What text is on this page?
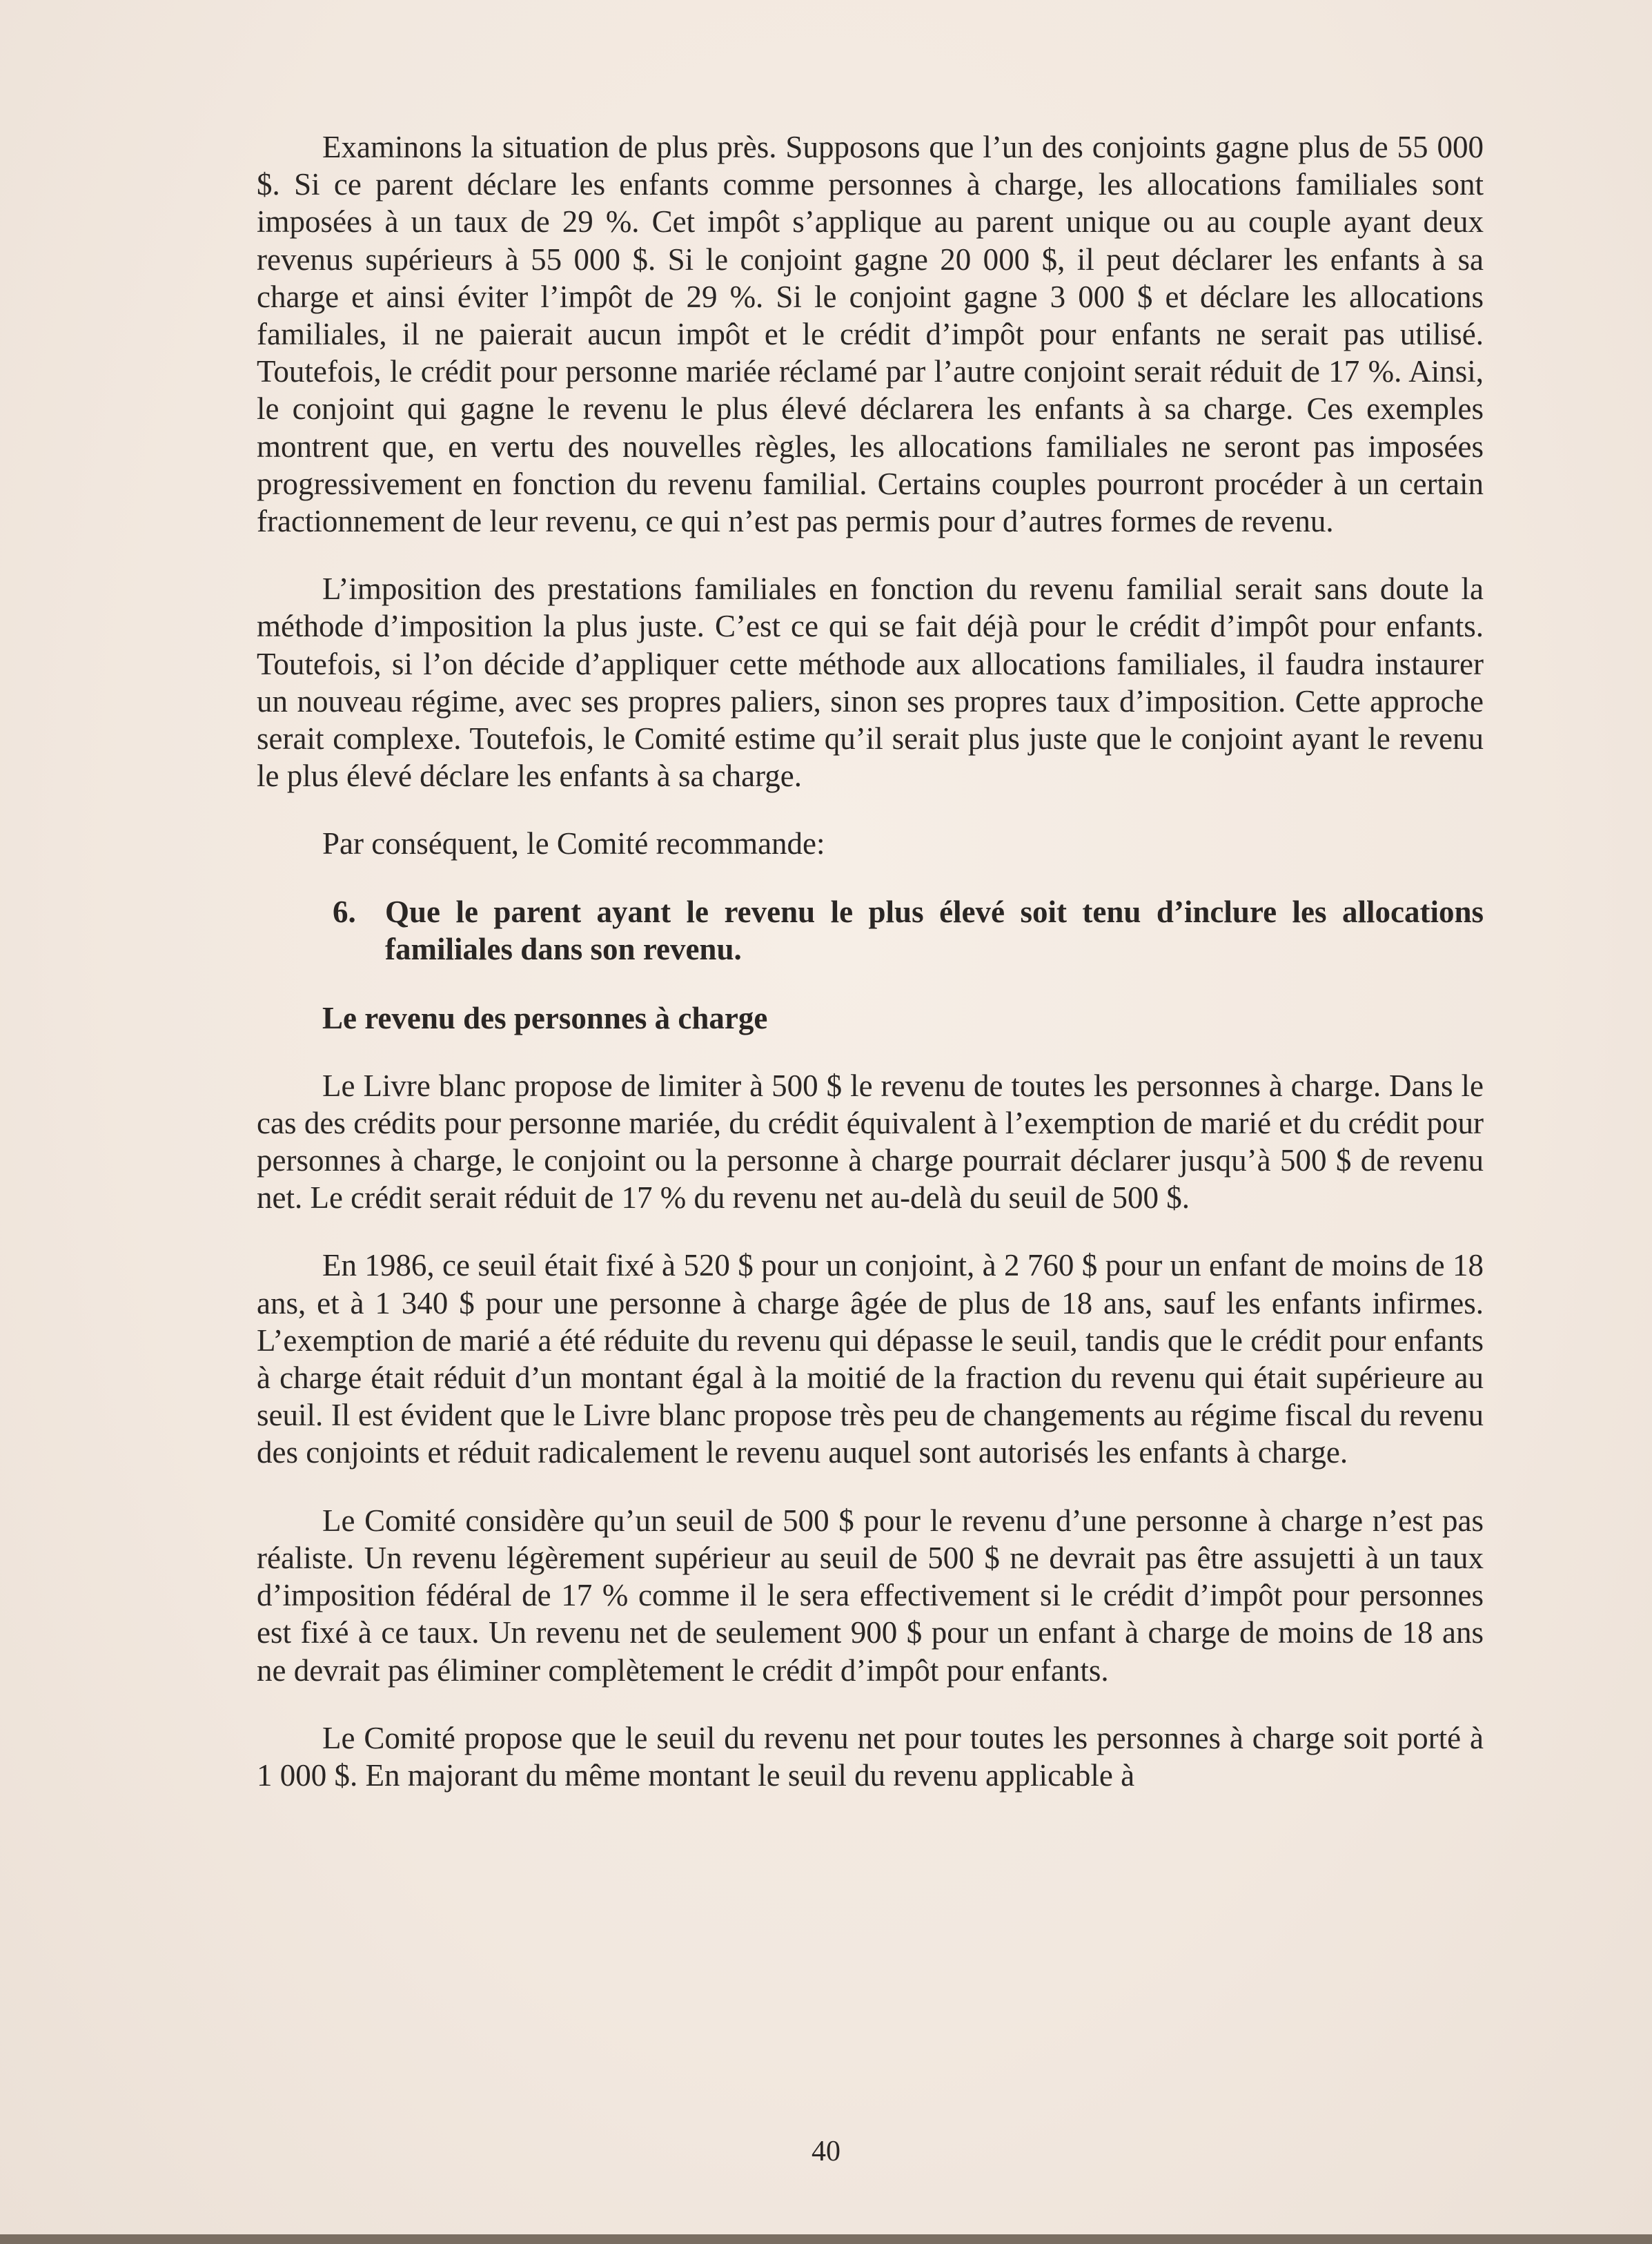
Examinons la situation de plus près. Supposons que l’un des conjoints gagne plus de 55 000 $. Si ce parent déclare les enfants comme personnes à charge, les allocations familiales sont imposées à un taux de 29 %. Cet impôt s’applique au parent unique ou au couple ayant deux revenus supérieurs à 55 000 $. Si le conjoint gagne 20 000 $, il peut déclarer les enfants à sa charge et ainsi éviter l’impôt de 29 %. Si le conjoint gagne 3 000 $ et déclare les allocations familiales, il ne paierait aucun impôt et le crédit d’impôt pour enfants ne serait pas utilisé. Toutefois, le crédit pour personne mariée réclamé par l’autre conjoint serait réduit de 17 %. Ainsi, le conjoint qui gagne le revenu le plus élevé déclarera les enfants à sa charge. Ces exemples montrent que, en vertu des nouvelles règles, les allocations familiales ne seront pas imposées progressivement en fonction du revenu familial. Certains couples pourront procéder à un certain fractionnement de leur revenu, ce qui n’est pas permis pour d’autres formes de revenu.

L’imposition des prestations familiales en fonction du revenu familial serait sans doute la méthode d’imposition la plus juste. C’est ce qui se fait déjà pour le crédit d’impôt pour enfants. Toutefois, si l’on décide d’appliquer cette méthode aux allocations familiales, il faudra instaurer un nouveau régime, avec ses propres paliers, sinon ses propres taux d’imposition. Cette approche serait complexe. Toutefois, le Comité estime qu’il serait plus juste que le conjoint ayant le revenu le plus élevé déclare les enfants à sa charge.

Par conséquent, le Comité recommande:

6. Que le parent ayant le revenu le plus élevé soit tenu d’inclure les allocations familiales dans son revenu.
Le revenu des personnes à charge

Le Livre blanc propose de limiter à 500 $ le revenu de toutes les personnes à charge. Dans le cas des crédits pour personne mariée, du crédit équivalent à l’exemption de marié et du crédit pour personnes à charge, le conjoint ou la personne à charge pourrait déclarer jusqu’à 500 $ de revenu net. Le crédit serait réduit de 17 % du revenu net au-delà du seuil de 500 $.

En 1986, ce seuil était fixé à 520 $ pour un conjoint, à 2 760 $ pour un enfant de moins de 18 ans, et à 1 340 $ pour une personne à charge âgée de plus de 18 ans, sauf les enfants infirmes. L’exemption de marié a été réduite du revenu qui dépasse le seuil, tandis que le crédit pour enfants à charge était réduit d’un montant égal à la moitié de la fraction du revenu qui était supérieure au seuil. Il est évident que le Livre blanc propose très peu de changements au régime fiscal du revenu des conjoints et réduit radicalement le revenu auquel sont autorisés les enfants à charge.

Le Comité considère qu’un seuil de 500 $ pour le revenu d’une personne à charge n’est pas réaliste. Un revenu légèrement supérieur au seuil de 500 $ ne devrait pas être assujetti à un taux d’imposition fédéral de 17 % comme il le sera effectivement si le crédit d’impôt pour personnes est fixé à ce taux. Un revenu net de seulement 900 $ pour un enfant à charge de moins de 18 ans ne devrait pas éliminer complètement le crédit d’impôt pour enfants.

Le Comité propose que le seuil du revenu net pour toutes les personnes à charge soit porté à 1 000 $. En majorant du même montant le seuil du revenu applicable à

40
